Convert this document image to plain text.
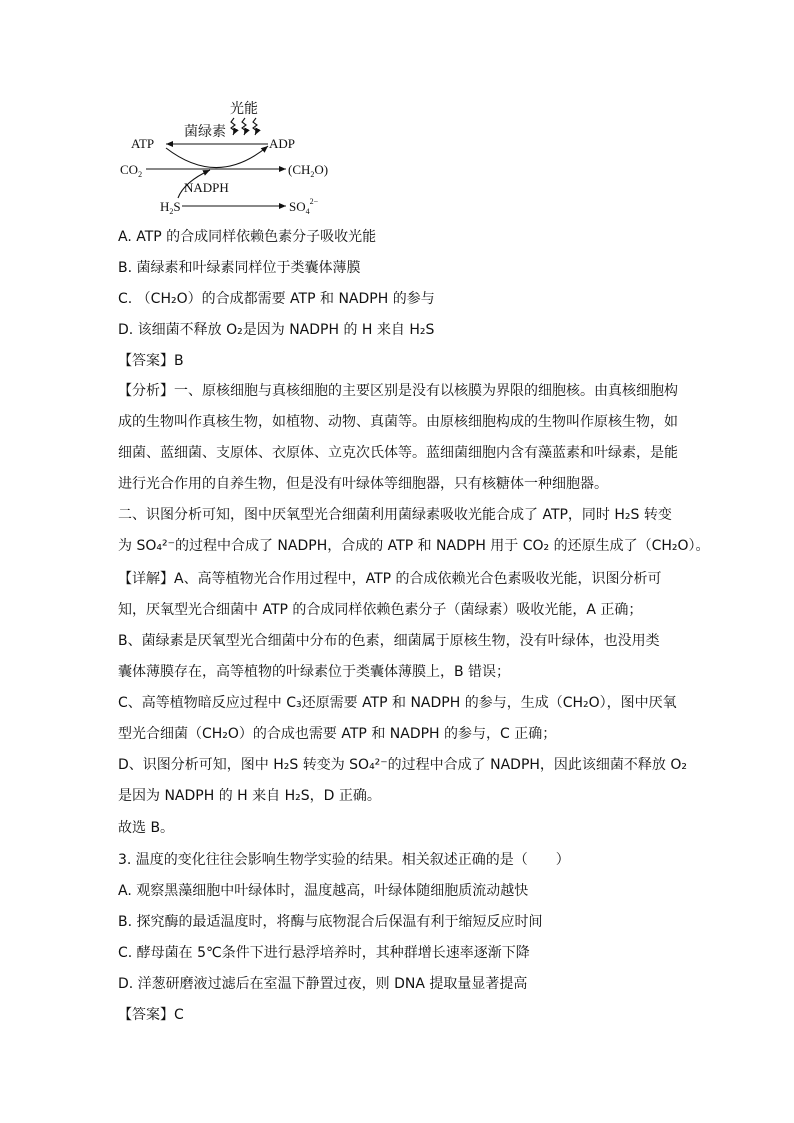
光能
菌绿素
ATP	ADP
$CO_2$	$(CH_2O)$
NADPH
$H_2S$	$SO_4^{2-}$
A. ATP 的合成同样依赖色素分子吸收光能
B. 菌绿素和叶绿素同样位于类囊体薄膜
C. （CH₂O）的合成都需要 ATP 和 NADPH 的参与
D. 该细菌不释放 O₂是因为 NADPH 的 H 来自 H₂S
【答案】B
【分析】一、原核细胞与真核细胞的主要区别是没有以核膜为界限的细胞核。由真核细胞构
成的生物叫作真核生物，如植物、动物、真菌等。由原核细胞构成的生物叫作原核生物，如
细菌、蓝细菌、支原体、衣原体、立克次氏体等。蓝细菌细胞内含有藻蓝素和叶绿素，是能
进行光合作用的自养生物，但是没有叶绿体等细胞器，只有核糖体一种细胞器。
二、识图分析可知，图中厌氧型光合细菌利用菌绿素吸收光能合成了 ATP，同时 H₂S 转变
为 SO₄²⁻的过程中合成了 NADPH，合成的 ATP 和 NADPH 用于 CO₂ 的还原生成了（CH₂O）。
【详解】A、高等植物光合作用过程中，ATP 的合成依赖光合色素吸收光能，识图分析可
知，厌氧型光合细菌中 ATP 的合成同样依赖色素分子（菌绿素）吸收光能，A 正确；
B、菌绿素是厌氧型光合细菌中分布的色素，细菌属于原核生物，没有叶绿体，也没用类
囊体薄膜存在，高等植物的叶绿素位于类囊体薄膜上，B 错误；
C、高等植物暗反应过程中 C₃还原需要 ATP 和 NADPH 的参与，生成（CH₂O），图中厌氧
型光合细菌（CH₂O）的合成也需要 ATP 和 NADPH 的参与，C 正确；
D、识图分析可知，图中 H₂S 转变为 SO₄²⁻的过程中合成了 NADPH，因此该细菌不释放 O₂
是因为 NADPH 的 H 来自 H₂S，D 正确。
故选 B。
3. 温度的变化往往会影响生物学实验的结果。相关叙述正确的是（　　）
A. 观察黑藻细胞中叶绿体时，温度越高，叶绿体随细胞质流动越快
B. 探究酶的最适温度时，将酶与底物混合后保温有利于缩短反应时间
C. 酵母菌在 5℃条件下进行悬浮培养时，其种群增长速率逐渐下降
D. 洋葱研磨液过滤后在室温下静置过夜，则 DNA 提取量显著提高
【答案】C
